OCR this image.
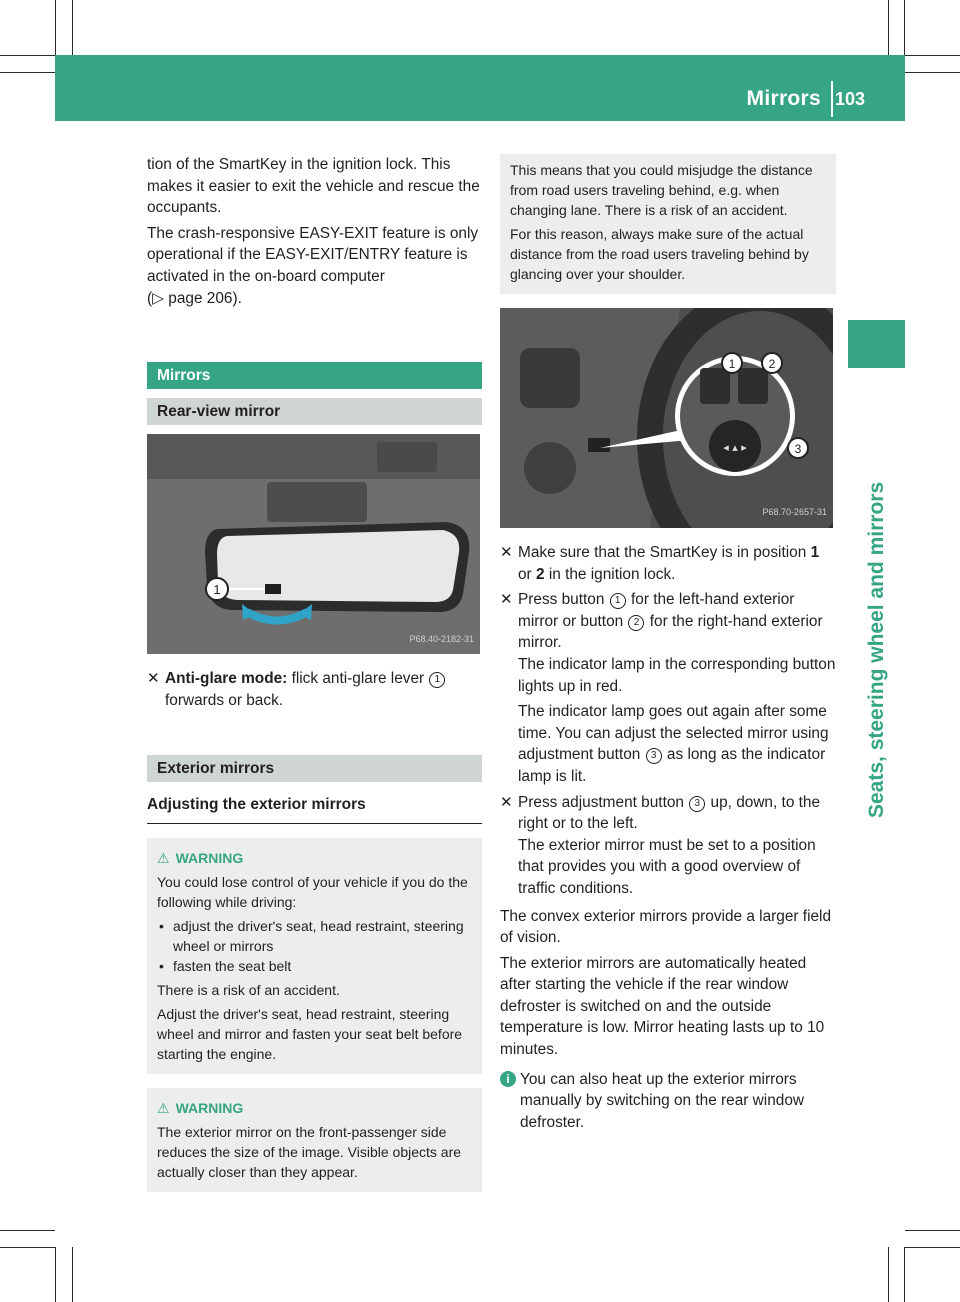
Mirrors 103
Seats, steering wheel and mirrors

tion of the SmartKey in the ignition lock. This makes it easier to exit the vehicle and rescue the occupants.

The crash-responsive EASY-EXIT feature is only operational if the EASY-EXIT/ENTRY feature is activated in the on-board computer
(▷ page 206).

Mirrors
Rear-view mirror
1
P68.40-2182-31
✕ Anti-glare mode: flick anti-glare lever 1
forwards or back.
Exterior mirrors
Adjusting the exterior mirrors
⚠ WARNING

You could lose control of your vehicle if you do the following while driving:

• adjust the driver's seat, head restraint, steering wheel or mirrors
• fasten the seat belt

There is a risk of an accident.

Adjust the driver's seat, head restraint, steering wheel and mirror and fasten your seat belt before starting the engine.

⚠ WARNING

The exterior mirror on the front-passenger side reduces the size of the image. Visible objects are actually closer than they appear.

This means that you could misjudge the distance from road users traveling behind, e.g. when changing lane. There is a risk of an accident.

For this reason, always make sure of the actual distance from the road users traveling behind by glancing over your shoulder.

◂ ▴ ▸
1	2
3
P68.70-2657-31
✕ Make sure that the SmartKey is in position 1 or 2 in the ignition lock.
✕ Press button 1 for the left-hand exterior mirror or button 2 for the right-hand exterior mirror.

The indicator lamp in the corresponding button lights up in red.

The indicator lamp goes out again after some time. You can adjust the selected mirror using adjustment button 3 as long as the indicator lamp is lit.

✕ Press adjustment button 3 up, down, to the right or to the left.

The exterior mirror must be set to a position that provides you with a good overview of traffic conditions.

The convex exterior mirrors provide a larger field of vision.

The exterior mirrors are automatically heated after starting the vehicle if the rear window defroster is switched on and the outside temperature is low. Mirror heating lasts up to 10 minutes.

i You can also heat up the exterior mirrors manually by switching on the rear window defroster.
